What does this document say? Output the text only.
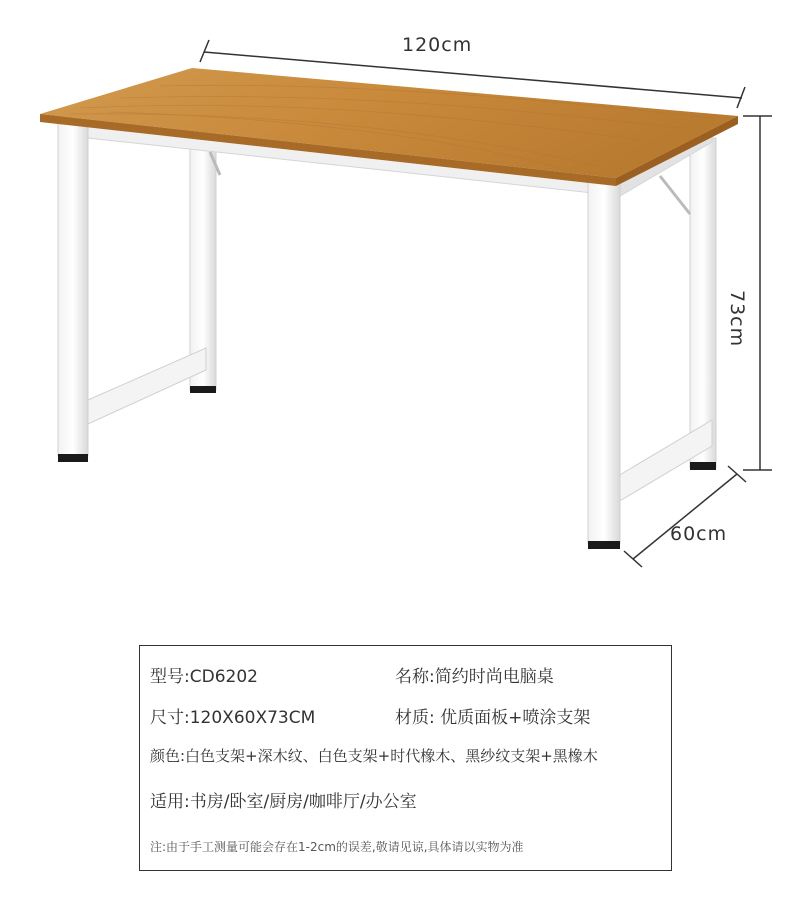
120cm
73cm
60cm
型号:CD6202	名称:简约时尚电脑桌
尺寸:120X60X73CM	材质: 优质面板+喷涂支架
颜色:白色支架+深木纹、白色支架+时代橡木、黑纱纹支架+黑橡木
适用:书房/卧室/厨房/咖啡厅/办公室
注:由于手工测量可能会存在1-2cm的误差,敬请见谅,具体请以实物为准
